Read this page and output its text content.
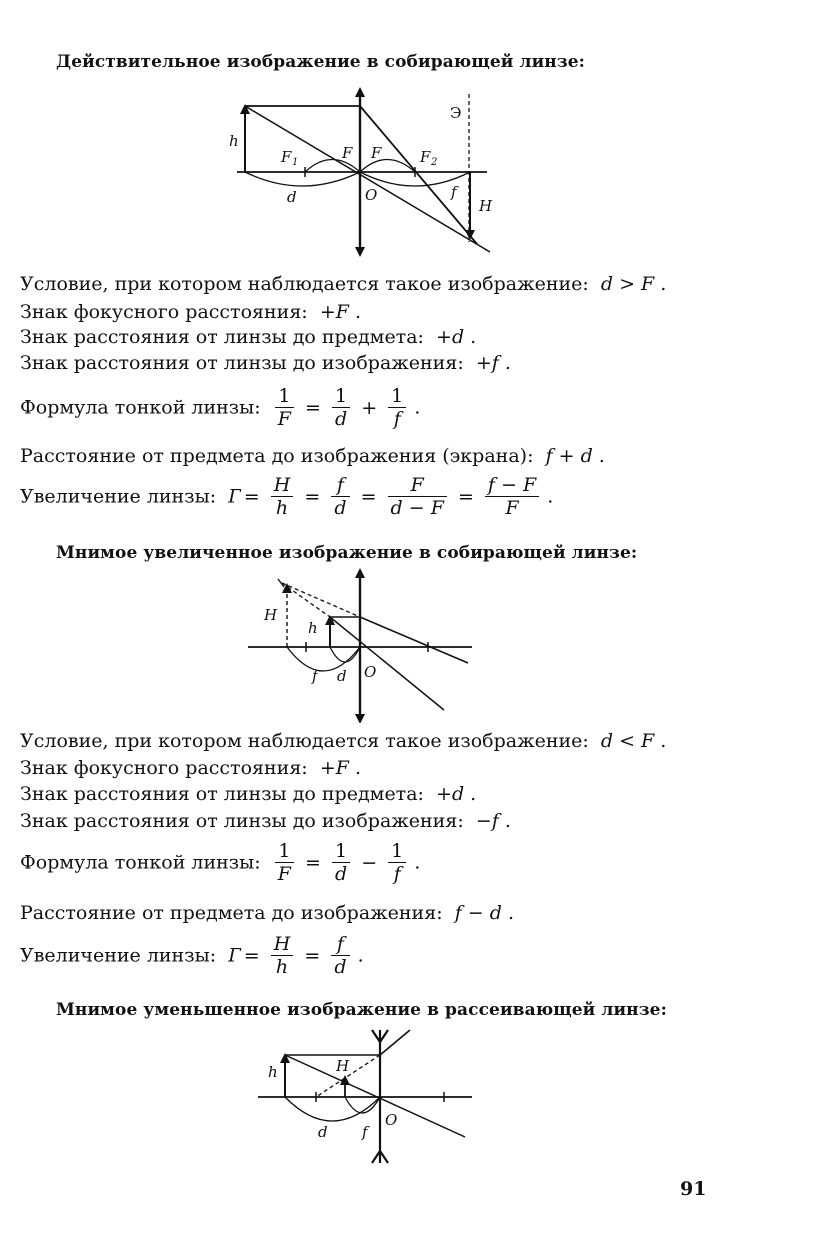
Действительное изображение в собирающей линзе:
h
F 1
F F	F 2
O
d	f
H
Э
Условие, при котором наблюдается такое изображение: d > F .
Знак фокусного расстояния: +F .
Знак расстояния от линзы до предмета: +d .
Знак расстояния от линзы до изображения: +f .
Формула тонкой линзы: $\frac{1}{F} = \frac{1}{d} + \frac{1}{f}$ .
Расстояние от предмета до изображения (экрана): f + d .
Увеличение линзы: $Г = \frac{H}{h} = \frac{f}{d} = \frac{F}{d - F} = \frac{f - F}{F}$ .
Мнимое увеличенное изображение в собирающей линзе:
H
h
f d O
Условие, при котором наблюдается такое изображение: d < F .
Знак фокусного расстояния: +F .
Знак расстояния от линзы до предмета: +d .
Знак расстояния от линзы до изображения: −f .
Формула тонкой линзы: $\frac{1}{F} = \frac{1}{d} - \frac{1}{f}$ .
Расстояние от предмета до изображения: f − d .
Увеличение линзы: $Г = \frac{H}{h} = \frac{f}{d}$ .
Мнимое уменьшенное изображение в рассеивающей линзе:
h	H
d f
O
91
